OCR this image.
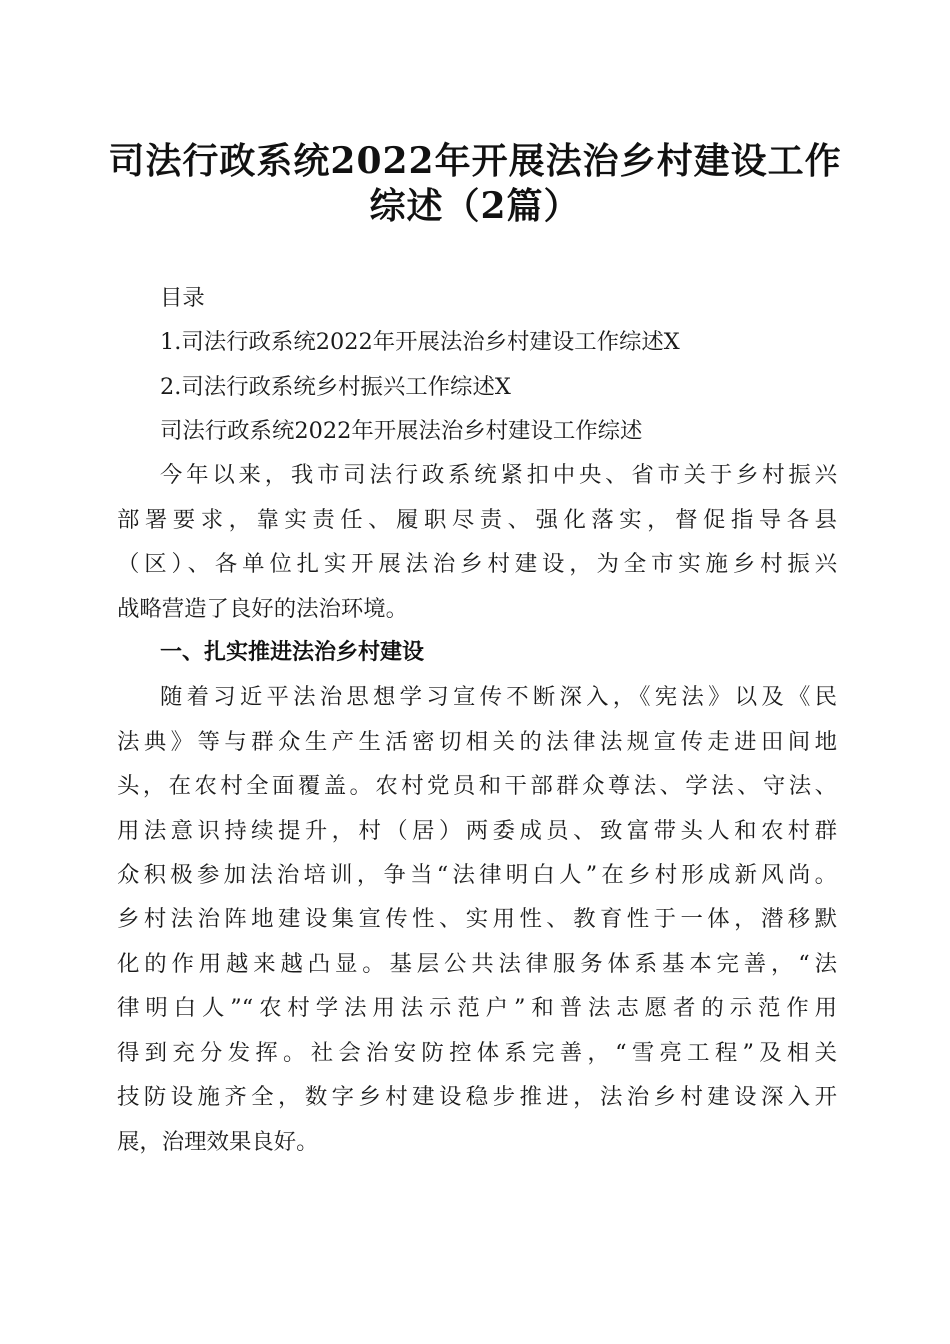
司法行政系统2022年开展法治乡村建设工作
综述（2篇）
目录
1.司法行政系统2022年开展法治乡村建设工作综述X
2.司法行政系统乡村振兴工作综述X
司法行政系统2022年开展法治乡村建设工作综述
今年以来，我市司法行政系统紧扣中央、省市关于乡村振兴
部署要求，靠实责任、履职尽责、强化落实，督促指导各县
（区）、各单位扎实开展法治乡村建设，为全市实施乡村振兴
战略营造了良好的法治环境。
一、扎实推进法治乡村建设
随着习近平法治思想学习宣传不断深入，《宪法》以及《民
法典》等与群众生产生活密切相关的法律法规宣传走进田间地
头，在农村全面覆盖。农村党员和干部群众尊法、学法、守法、
用法意识持续提升，村（居）两委成员、致富带头人和农村群
众积极参加法治培训，争当“法律明白人”在乡村形成新风尚。
乡村法治阵地建设集宣传性、实用性、教育性于一体，潜移默
化的作用越来越凸显。基层公共法律服务体系基本完善，“法
律明白人”“农村学法用法示范户”和普法志愿者的示范作用
得到充分发挥。社会治安防控体系完善，“雪亮工程”及相关
技防设施齐全，数字乡村建设稳步推进，法治乡村建设深入开
展，治理效果良好。
